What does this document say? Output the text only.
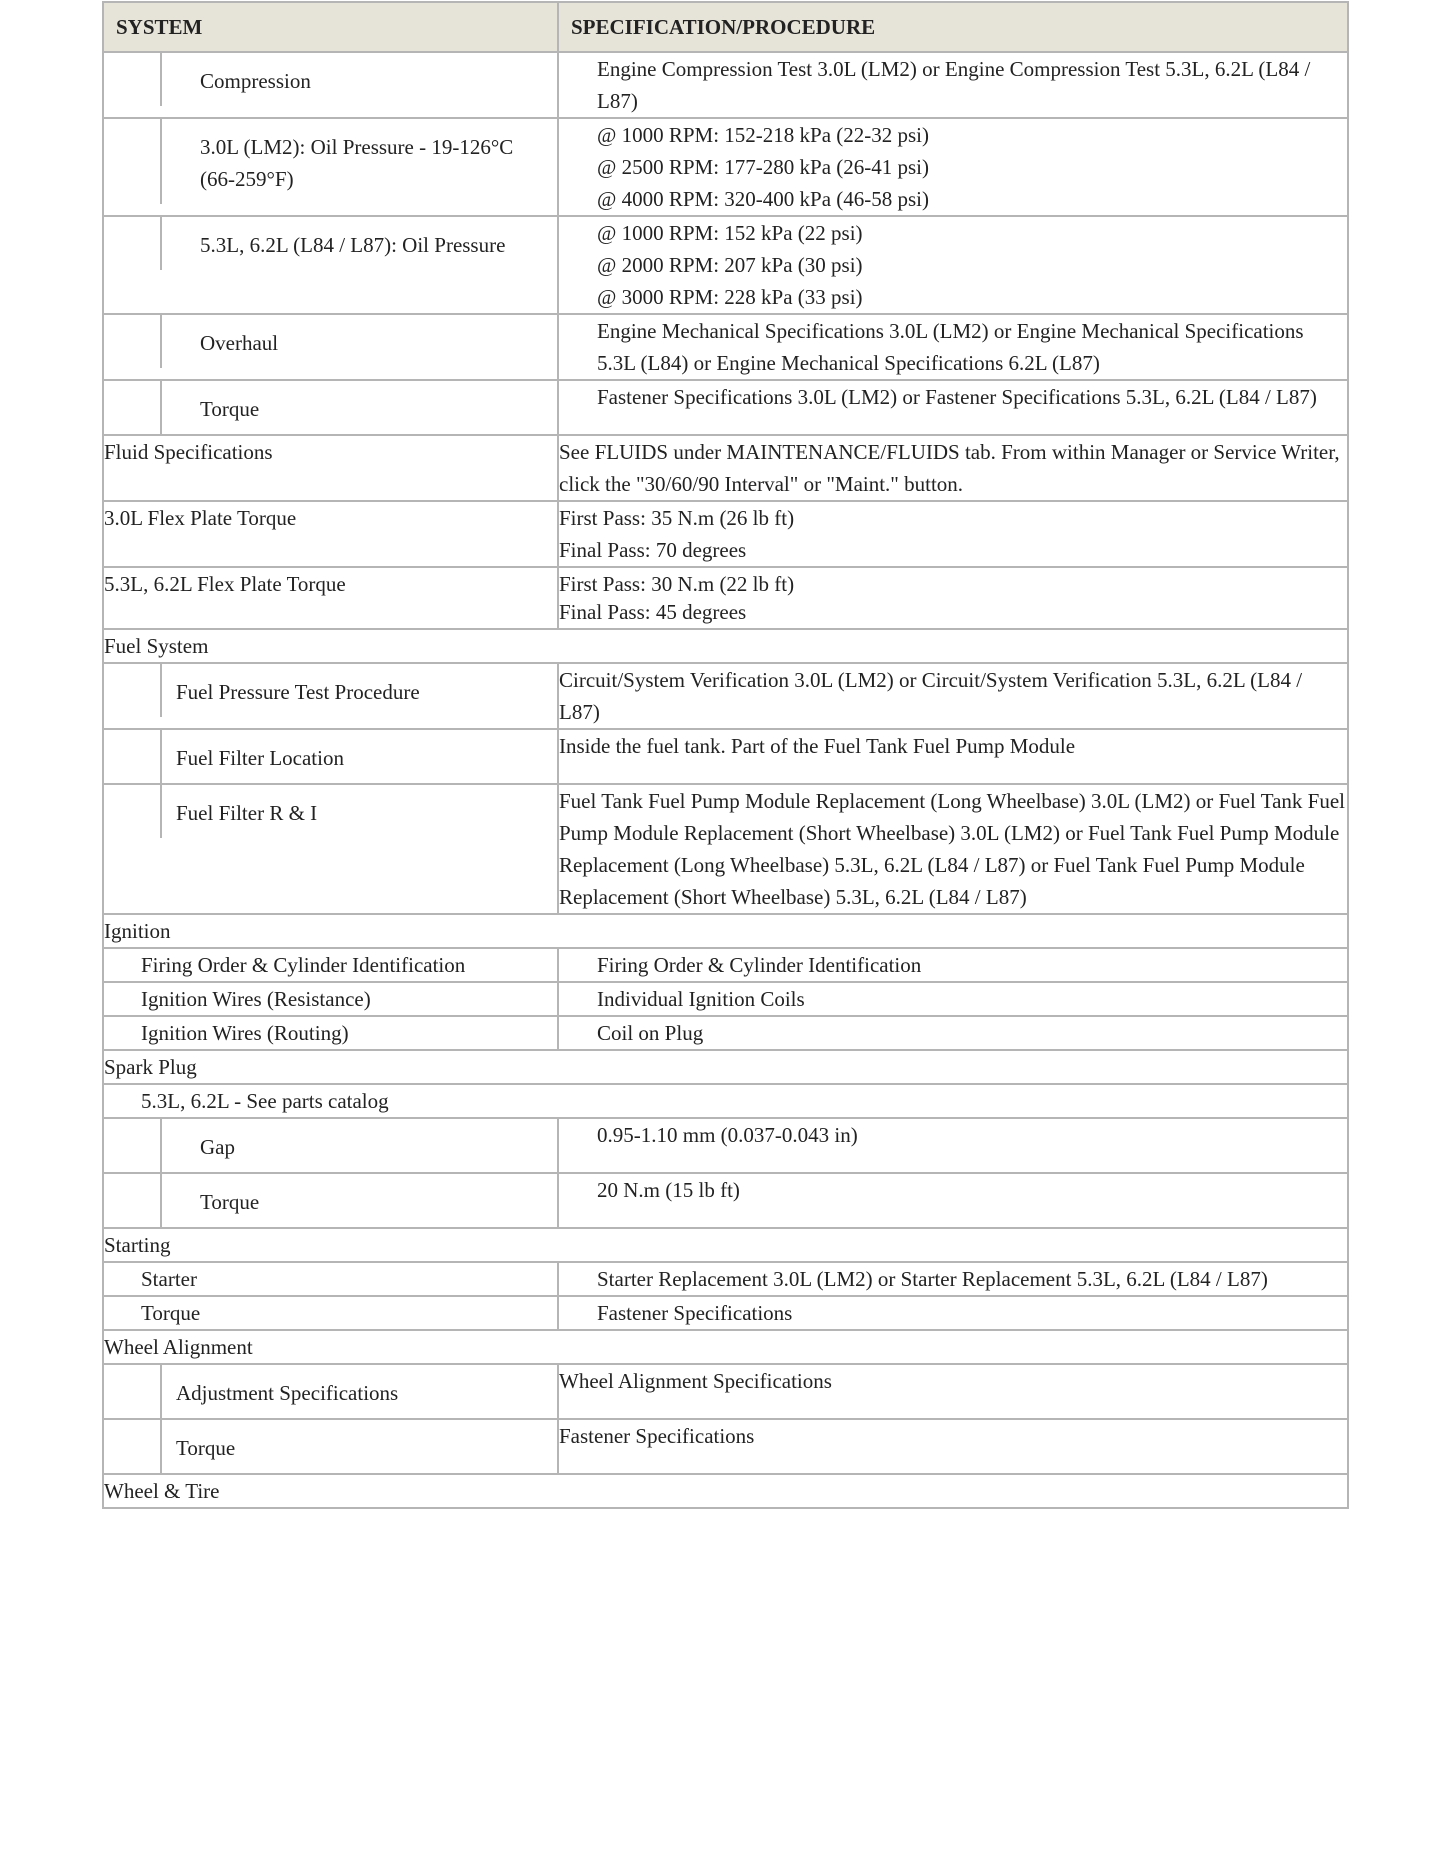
SYSTEM	SPECIFICATION/PROCEDURE

Compression	Engine Compression Test 3.0L (LM2) or Engine Compression Test 5.3L, 6.2L (L84 / L87)

3.0L (LM2): Oil Pressure - 19-126°C (66-259°F)	@ 1000 RPM: 152-218 kPa (22-32 psi)
@ 2500 RPM: 177-280 kPa (26-41 psi)
@ 4000 RPM: 320-400 kPa (46-58 psi)

5.3L, 6.2L (L84 / L87): Oil Pressure	@ 1000 RPM: 152 kPa (22 psi)
@ 2000 RPM: 207 kPa (30 psi)
@ 3000 RPM: 228 kPa (33 psi)

Overhaul	Engine Mechanical Specifications 3.0L (LM2) or Engine Mechanical Specifications 5.3L (L84) or Engine Mechanical Specifications 6.2L (L87)

Torque	Fastener Specifications 3.0L (LM2) or Fastener Specifications 5.3L, 6.2L (L84 / L87)

Fluid Specifications	See FLUIDS under MAINTENANCE/FLUIDS tab. From within Manager or Service Writer, click the "30/60/90 Interval" or "Maint." button.

3.0L Flex Plate Torque	First Pass: 35 N.m (26 lb ft)
Final Pass: 70 degrees

5.3L, 6.2L Flex Plate Torque	First Pass: 30 N.m (22 lb ft)
Final Pass: 45 degrees

Fuel System	

Fuel Pressure Test Procedure	Circuit/System Verification 3.0L (LM2) or Circuit/System Verification 5.3L, 6.2L (L84 / L87)

Fuel Filter Location	Inside the fuel tank. Part of the Fuel Tank Fuel Pump Module

Fuel Filter R & I	Fuel Tank Fuel Pump Module Replacement (Long Wheelbase) 3.0L (LM2) or Fuel Tank Fuel Pump Module Replacement (Short Wheelbase) 3.0L (LM2) or Fuel Tank Fuel Pump Module Replacement (Long Wheelbase) 5.3L, 6.2L (L84 / L87) or Fuel Tank Fuel Pump Module Replacement (Short Wheelbase) 5.3L, 6.2L (L84 / L87)

Ignition	
Firing Order & Cylinder Identification	Firing Order & Cylinder Identification

Ignition Wires (Resistance)	Individual Ignition Coils

Ignition Wires (Routing)	Coil on Plug

Spark Plug	
5.3L, 6.2L - See parts catalog	

Gap	0.95-1.10 mm (0.037-0.043 in)

Torque	20 N.m (15 lb ft)

Starting	
Starter	Starter Replacement 3.0L (LM2) or Starter Replacement 5.3L, 6.2L (L84 / L87)

Torque	Fastener Specifications

Wheel Alignment	

Adjustment Specifications	Wheel Alignment Specifications

Torque	Fastener Specifications

Wheel & Tire	
